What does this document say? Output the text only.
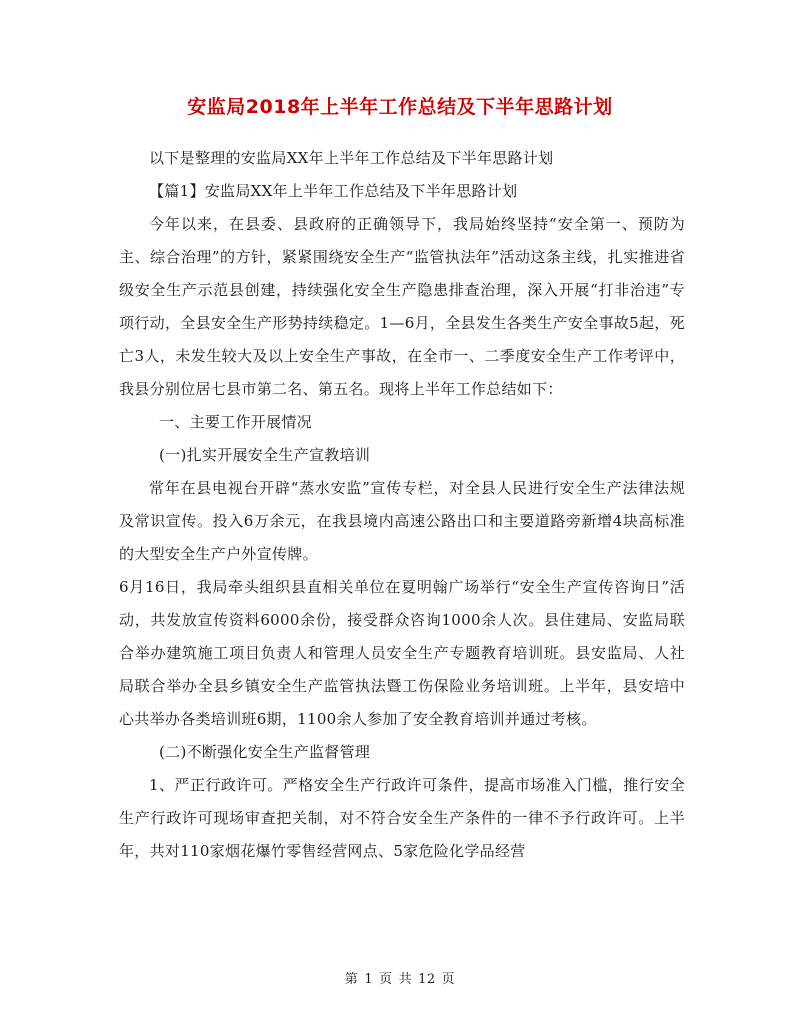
安监局2018年上半年工作总结及下半年思路计划

以下是整理的安监局XX年上半年工作总结及下半年思路计划

【篇1】安监局XX年上半年工作总结及下半年思路计划

今年以来，在县委、县政府的正确领导下，我局始终坚持“安全第一、预防为主、综合治理”的方针，紧紧围绕安全生产“监管执法年”活动这条主线，扎实推进省级安全生产示范县创建，持续强化安全生产隐患排查治理，深入开展“打非治违”专项行动，全县安全生产形势持续稳定。1—6月，全县发生各类生产安全事故5起，死亡3人，未发生较大及以上安全生产事故，在全市一、二季度安全生产工作考评中，我县分别位居七县市第二名、第五名。现将上半年工作总结如下：

一、主要工作开展情况

(一)扎实开展安全生产宣教培训

常年在县电视台开辟“蒸水安监”宣传专栏，对全县人民进行安全生产法律法规及常识宣传。投入6万余元，在我县境内高速公路出口和主要道路旁新增4块高标准的大型安全生产户外宣传牌。

6月16日，我局牵头组织县直相关单位在夏明翰广场举行“安全生产宣传咨询日”活动，共发放宣传资料6000余份，接受群众咨询1000余人次。县住建局、安监局联合举办建筑施工项目负责人和管理人员安全生产专题教育培训班。县安监局、人社局联合举办全县乡镇安全生产监管执法暨工伤保险业务培训班。上半年，县安培中心共举办各类培训班6期，1100余人参加了安全教育培训并通过考核。

(二)不断强化安全生产监督管理

1、严正行政许可。严格安全生产行政许可条件，提高市场准入门槛，推行安全生产行政许可现场审查把关制，对不符合安全生产条件的一律不予行政许可。上半年，共对110家烟花爆竹零售经营网点、5家危险化学品经营

第 1 页 共 12 页
